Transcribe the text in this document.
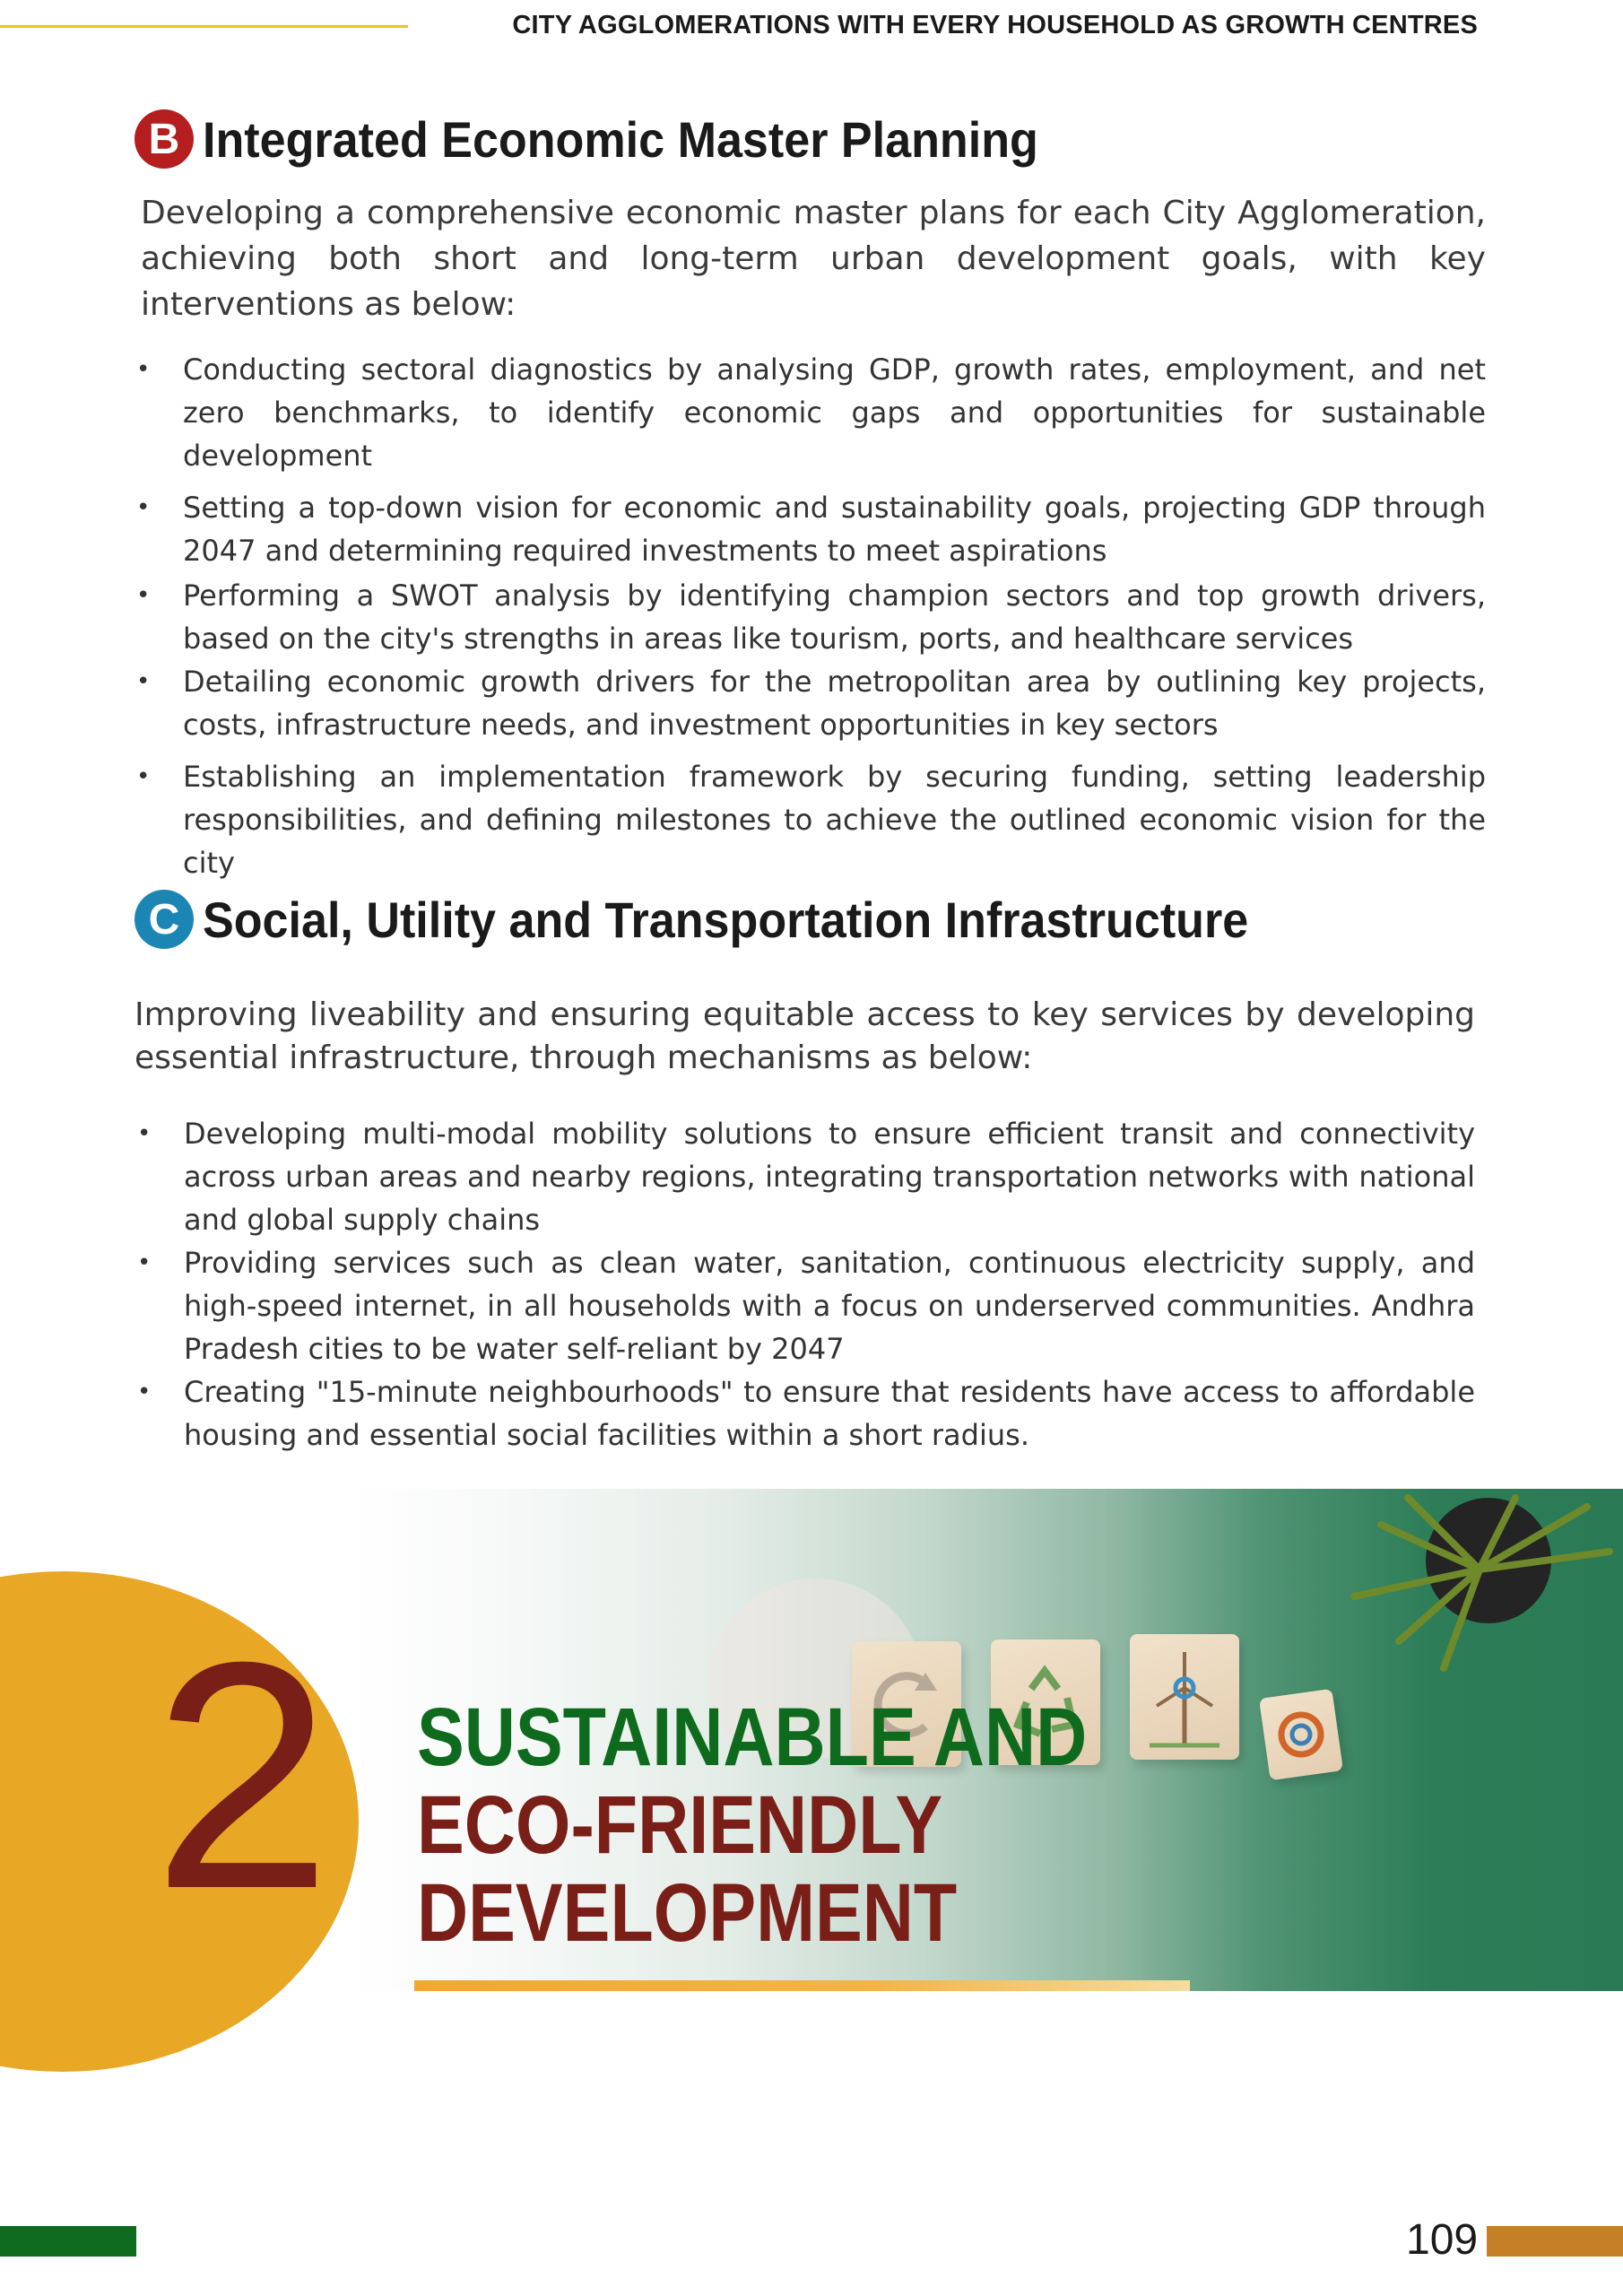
CITY AGGLOMERATIONS WITH EVERY HOUSEHOLD AS GROWTH CENTRES
B Integrated Economic Master Planning

Developing a comprehensive economic master plans for each City Agglomeration, achieving both short and long-term urban development goals, with key interventions as below:

• Conducting sectoral diagnostics by analysing GDP, growth rates, employment, and net zero benchmarks, to identify economic gaps and opportunities for sustainable development
• Setting a top-down vision for economic and sustainability goals, projecting GDP through 2047 and determining required investments to meet aspirations
• Performing a SWOT analysis by identifying champion sectors and top growth drivers, based on the city's strengths in areas like tourism, ports, and healthcare services
• Detailing economic growth drivers for the metropolitan area by outlining key projects, costs, infrastructure needs, and investment opportunities in key sectors
• Establishing an implementation framework by securing funding, setting leadership responsibilities, and defining milestones to achieve the outlined economic vision for the city
C Social, Utility and Transportation Infrastructure

Improving liveability and ensuring equitable access to key services by developing essential infrastructure, through mechanisms as below:

• Developing multi-modal mobility solutions to ensure efficient transit and connectivity across urban areas and nearby regions, integrating transportation networks with national and global supply chains
• Providing services such as clean water, sanitation, continuous electricity supply, and high-speed internet, in all households with a focus on underserved communities. Andhra Pradesh cities to be water self-reliant by 2047
• Creating "15-minute neighbourhoods" to ensure that residents have access to affordable housing and essential social facilities within a short radius.
2 SUSTAINABLE AND
ECO-FRIENDLY
DEVELOPMENT
109
